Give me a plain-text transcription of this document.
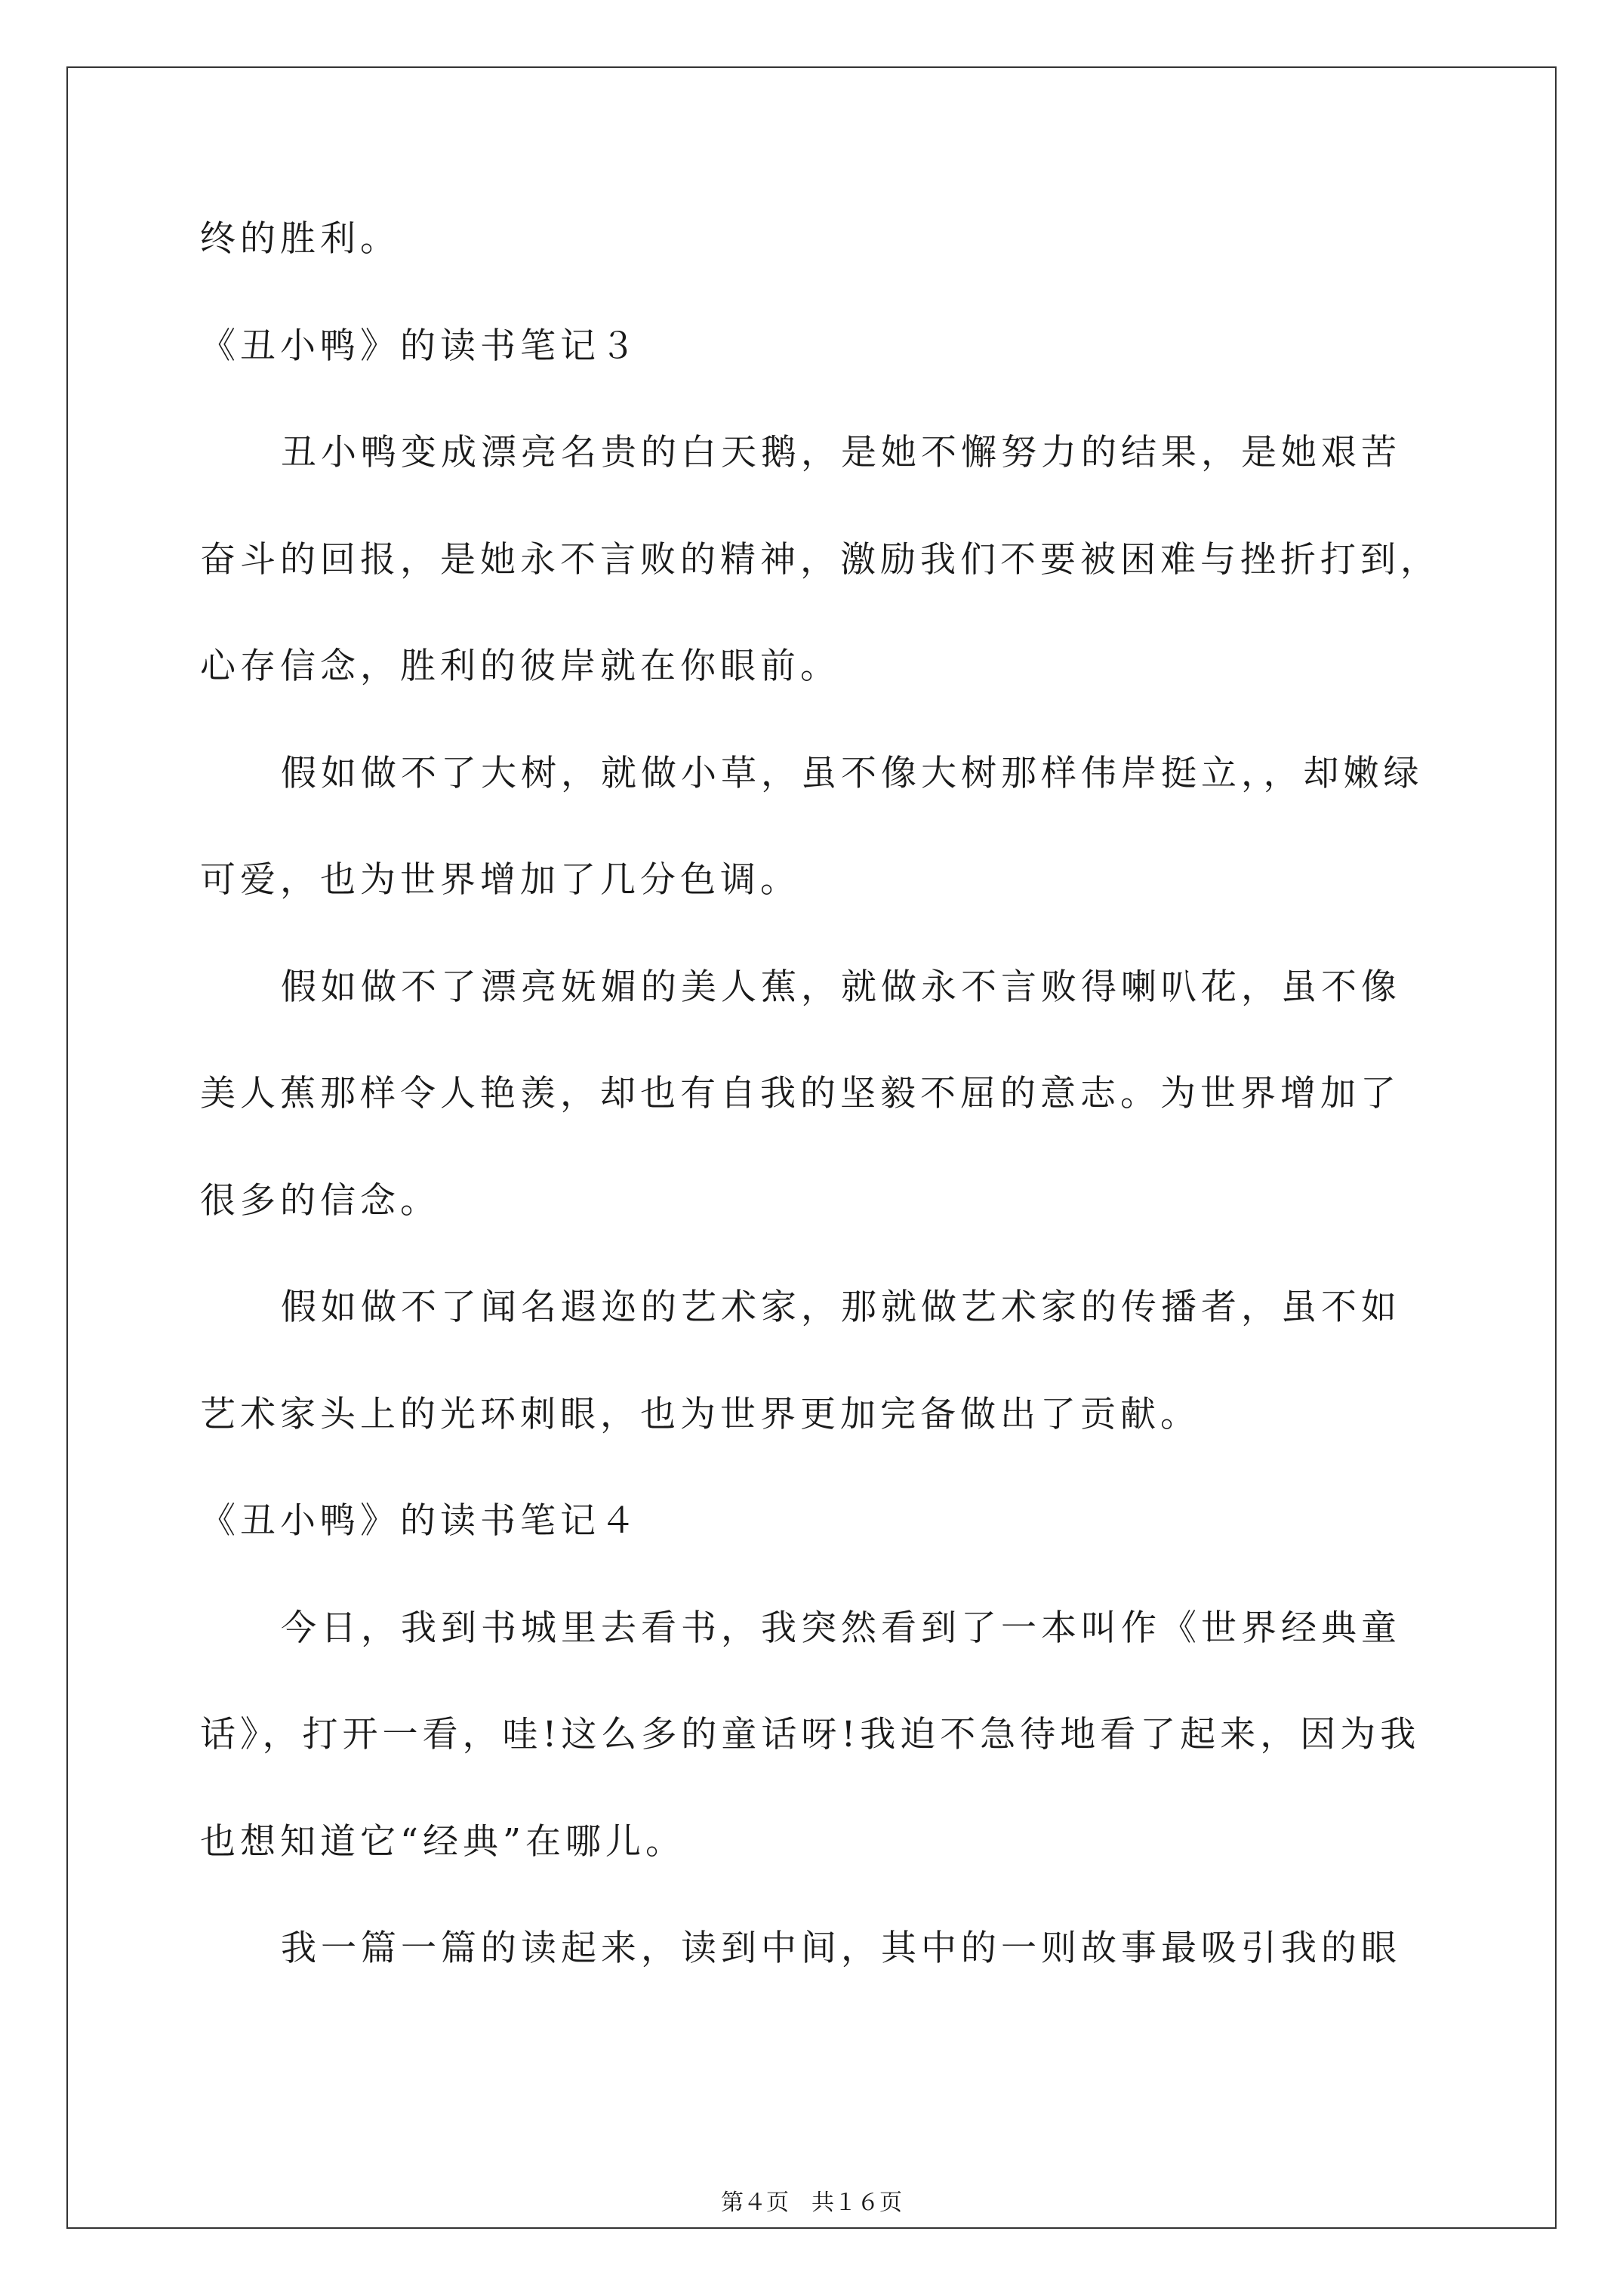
终的胜利。
《丑小鸭》的读书笔记３
丑小鸭变成漂亮名贵的白天鹅，是她不懈努力的结果，是她艰苦
奋斗的回报，是她永不言败的精神，激励我们不要被困难与挫折打到，
心存信念，胜利的彼岸就在你眼前。
假如做不了大树，就做小草，虽不像大树那样伟岸挺立，，却嫩绿
可爱，也为世界增加了几分色调。
假如做不了漂亮妩媚的美人蕉，就做永不言败得喇叭花，虽不像
美人蕉那样令人艳羡，却也有自我的坚毅不屈的意志。为世界增加了
很多的信念。
假如做不了闻名遐迩的艺术家，那就做艺术家的传播者，虽不如
艺术家头上的光环刺眼，也为世界更加完备做出了贡献。
《丑小鸭》的读书笔记４
今日，我到书城里去看书，我突然看到了一本叫作《世界经典童
话》，打开一看，哇!这么多的童话呀!我迫不急待地看了起来，因为我
也想知道它“经典”在哪儿。
我一篇一篇的读起来，读到中间，其中的一则故事最吸引我的眼
第４页　共１６页
